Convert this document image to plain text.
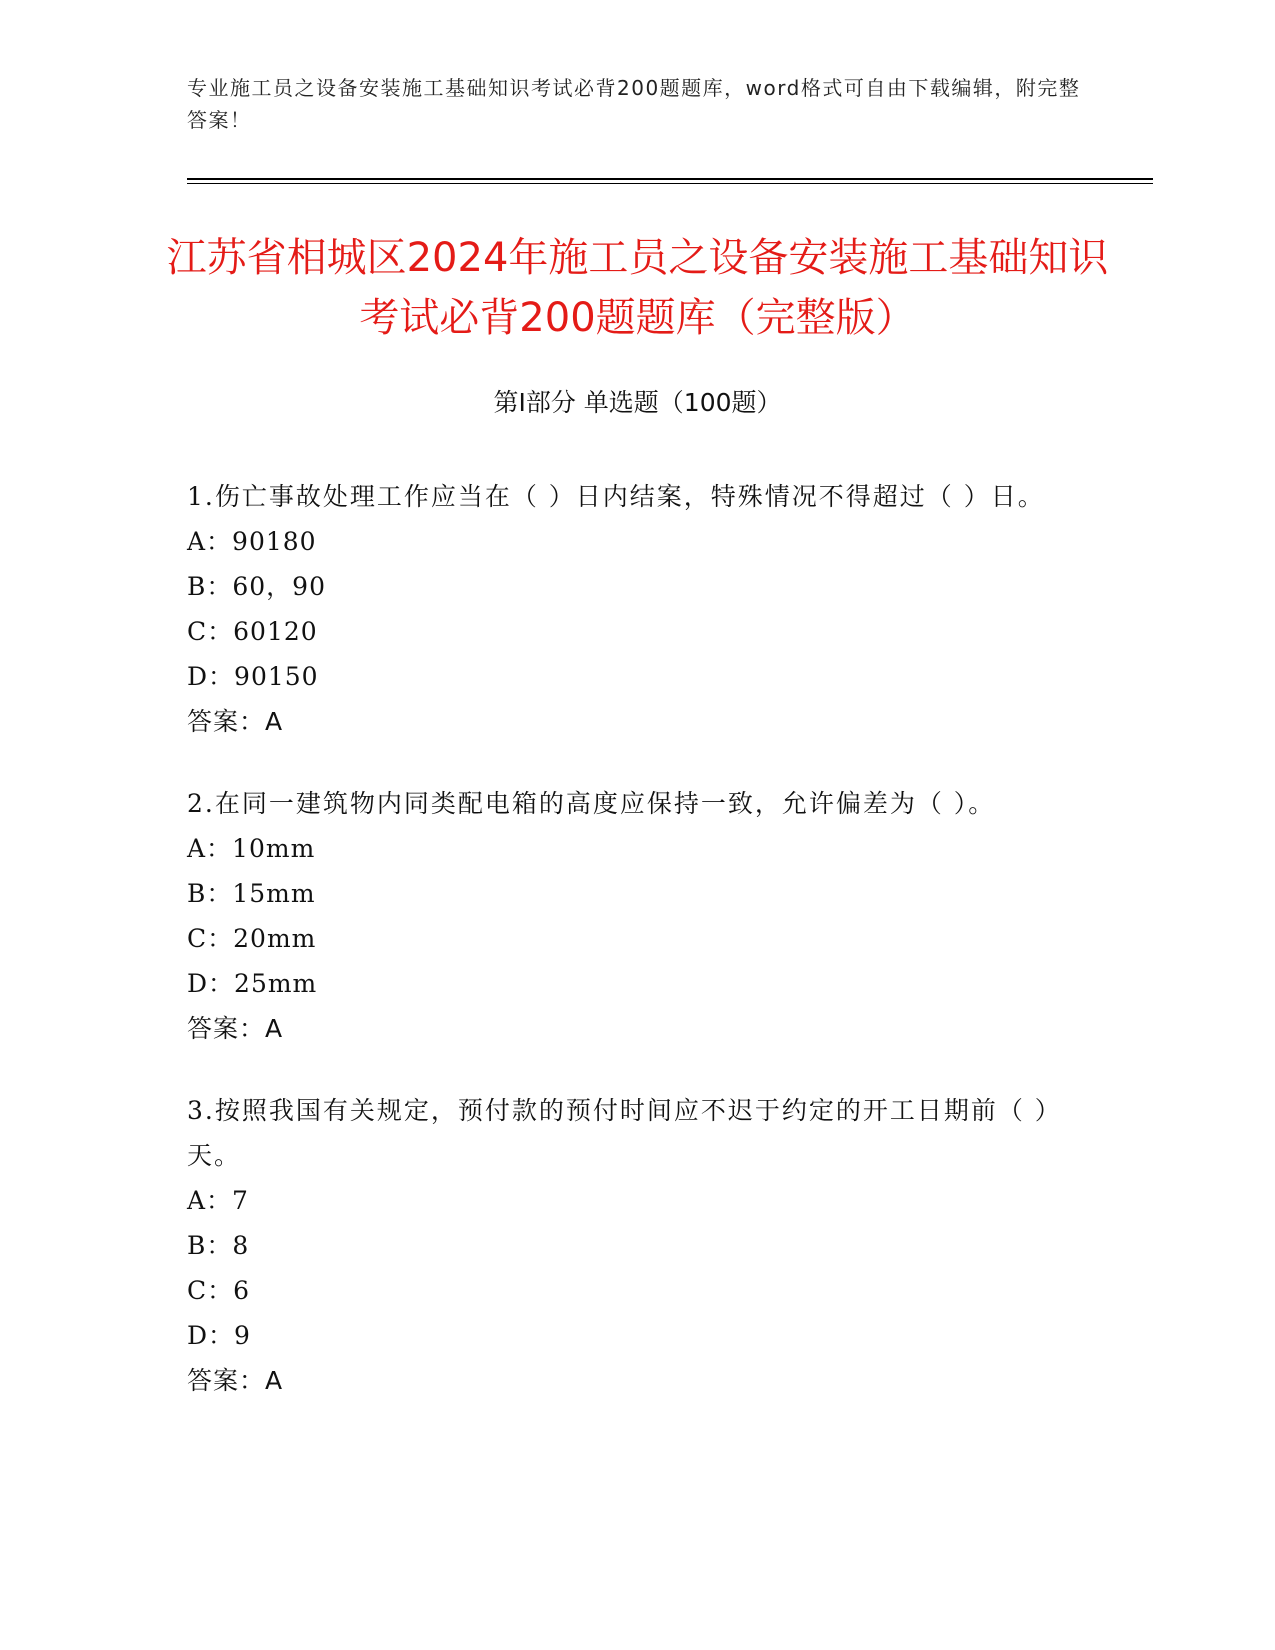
专业施工员之设备安装施工基础知识考试必背200题题库，word格式可自由下载编辑，附完整答案！
江苏省相城区2024年施工员之设备安装施工基础知识考试必背200题题库（完整版）
第Ⅰ部分 单选题（100题）

1.伤亡事故处理工作应当在（ ）日内结案，特殊情况不得超过（ ）日。

A：90180

B：60，90

C：60120

D：90150

答案：A

2.在同一建筑物内同类配电箱的高度应保持一致，允许偏差为（ ）。

A：10mm

B：15mm

C：20mm

D：25mm

答案：A

3.按照我国有关规定，预付款的预付时间应不迟于约定的开工日期前（ ）天。

A：7

B：8

C：6

D：9

答案：A
